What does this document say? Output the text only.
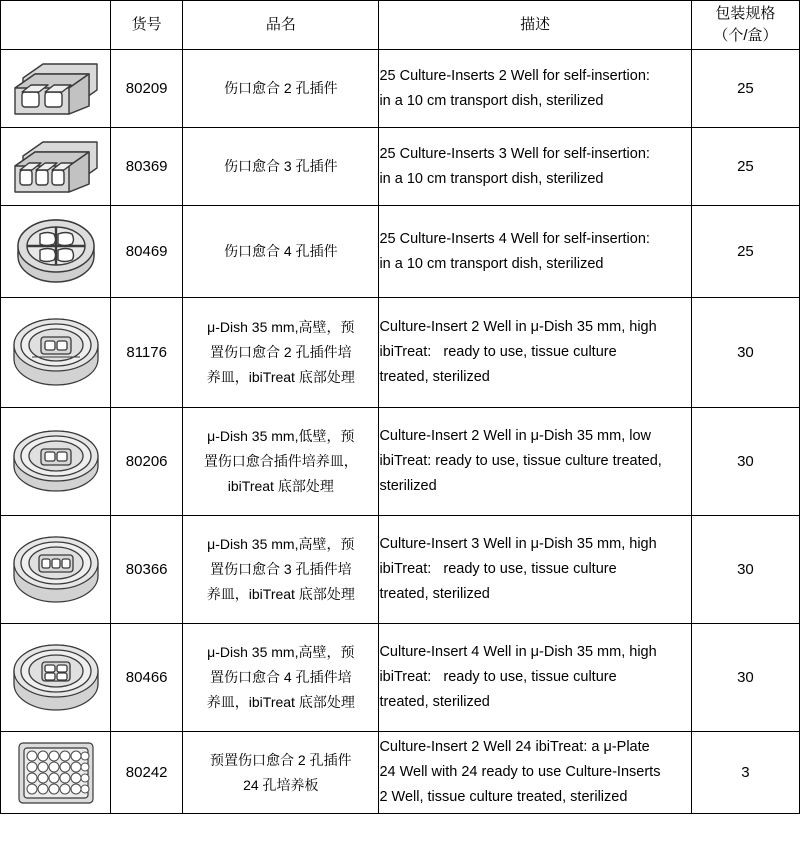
	货号	品名	描述	包装规格
（个/盒）

	80209	伤口愈合 2 孔插件	25 Culture-Inserts 2 Well for self-insertion:
in a 10 cm transport dish, sterilized	25

	80369	伤口愈合 3 孔插件	25 Culture-Inserts 3 Well for self-insertion:
in a 10 cm transport dish, sterilized	25

	80469	伤口愈合 4 孔插件	25 Culture-Inserts 4 Well for self-insertion:
in a 10 cm transport dish, sterilized	25

	81176	μ-Dish 35 mm,高壁，预
置伤口愈合 2 孔插件培
养皿，ibiTreat 底部处理	Culture-Insert 2 Well in μ-Dish 35 mm, high
ibiTreat:   ready to use, tissue culture
treated, sterilized	30

	80206	μ-Dish 35 mm,低壁，预
置伤口愈合插件培养皿，
ibiTreat 底部处理	Culture-Insert 2 Well in μ-Dish 35 mm, low
ibiTreat: ready to use, tissue culture treated,
sterilized	30

	80366	μ-Dish 35 mm,高壁，预
置伤口愈合 3 孔插件培
养皿，ibiTreat 底部处理	Culture-Insert 3 Well in μ-Dish 35 mm, high
ibiTreat:   ready to use, tissue culture
treated, sterilized	30

	80466	μ-Dish 35 mm,高壁，预
置伤口愈合 4 孔插件培
养皿，ibiTreat 底部处理	Culture-Insert 4 Well in μ-Dish 35 mm, high
ibiTreat:   ready to use, tissue culture
treated, sterilized	30

	80242	预置伤口愈合 2 孔插件
24 孔培养板	Culture-Insert 2 Well 24 ibiTreat: a μ-Plate
24 Well with 24 ready to use Culture-Inserts
2 Well, tissue culture treated, sterilized	3
